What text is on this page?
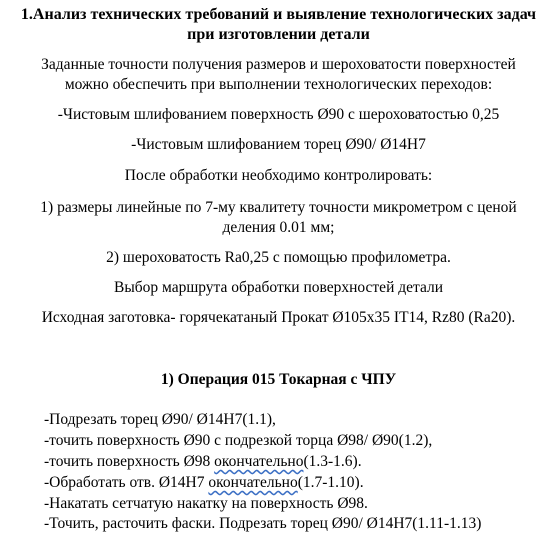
1.Анализ технических требований и выявление технологических задач
при изготовлении детали
Заданные точности получения размеров и шероховатости поверхностей
можно обеспечить при выполнении технологических переходов:
-Чистовым шлифованием поверхность Ø90 с шероховатостью 0,25
-Чистовым шлифованием торец Ø90/ Ø14H7
После обработки необходимо контролировать:
1) размеры линейные по 7-му квалитету точности микрометром с ценой
деления 0.01 мм;
2) шероховатость Ra0,25 с помощью профилометра.
Выбор маршрута обработки поверхностей детали
Исходная заготовка- горячекатаный Прокат Ø105х35 IT14, Rz80 (Ra20).
1) Операция 015 Токарная с ЧПУ
-Подрезать торец Ø90/ Ø14H7(1.1),
-точить поверхность Ø90 с подрезкой торца Ø98/ Ø90(1.2),
-точить поверхность Ø98 окончательно(1.3-1.6).
-Обработать отв. Ø14H7 окончательно(1.7-1.10).
-Накатать сетчатую накатку на поверхность Ø98.
-Точить, расточить фаски. Подрезать торец Ø90/ Ø14H7(1.11-1.13)
